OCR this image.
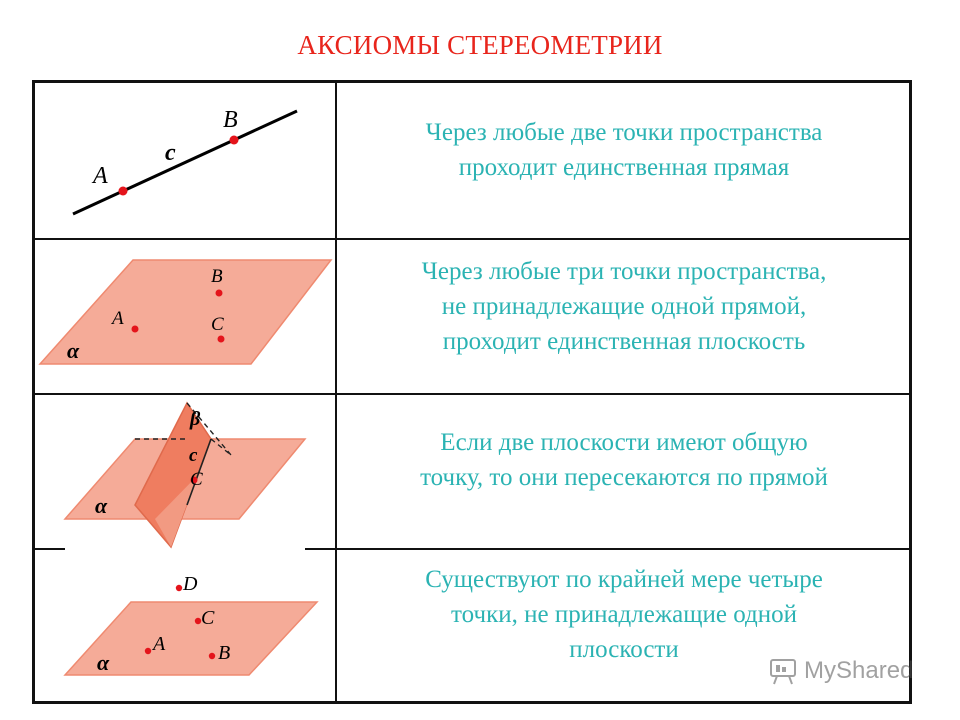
АКСИОМЫ СТЕРЕОМЕТРИИ
A
c
B	Через любые две точки пространства
проходит единственная прямая
A
B
C
α
Через любые три точки пространства,
не принадлежащие одной прямой,
проходит единственная плоскость
β
c
C
α
Если две плоскости имеют общую
точку, то они пересекаются по прямой
D
C
A	B
α
Существуют по крайней мере четыре
точки, не принадлежащие одной
плоскости
MyShared
